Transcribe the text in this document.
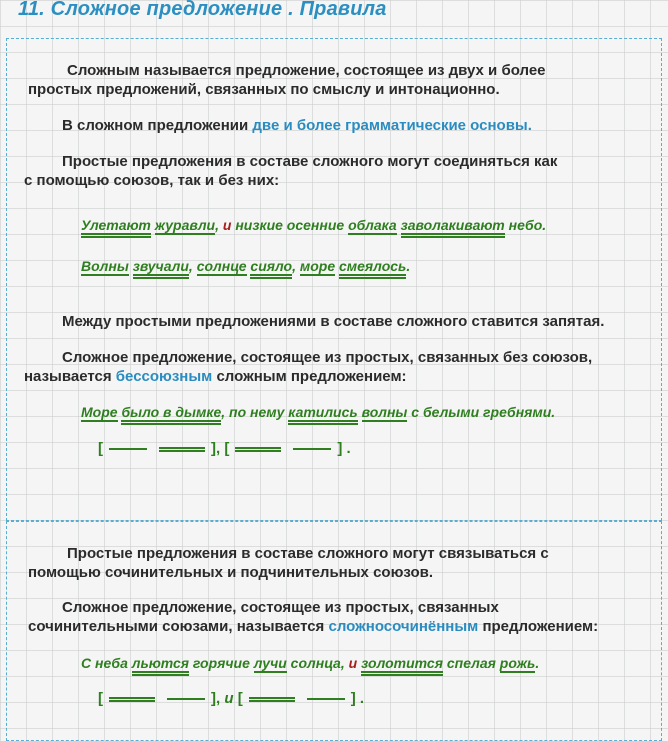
11. Сложное предложение . Правила

Сложным называется предложение, состоящее из двух и более

простых предложений, связанных по смыслу и интонационно.

В сложном предложении две и более грамматические основы.

Простые предложения в составе сложного могут соединяться как

с помощью союзов, так и без них:

Улетают журавли, и низкие осенние облака заволакивают небо.

Волны звучали, солнце сияло, море смеялось.

Между простыми предложениями в составе сложного ставится запятая.

Сложное предложение, состоящее из простых, связанных без союзов,

называется бессоюзным сложным предложением:

Море было в дымке, по нему катились волны с белыми гребнями.

[	], [	] .

Простые предложения в составе сложного могут связываться с

помощью сочинительных и подчинительных союзов.

Сложное предложение, состоящее из простых, связанных

сочинительными союзами, называется сложносочинённым предложением:

С неба льются горячие лучи солнца, и золотится спелая рожь.

[	], и [	] .
